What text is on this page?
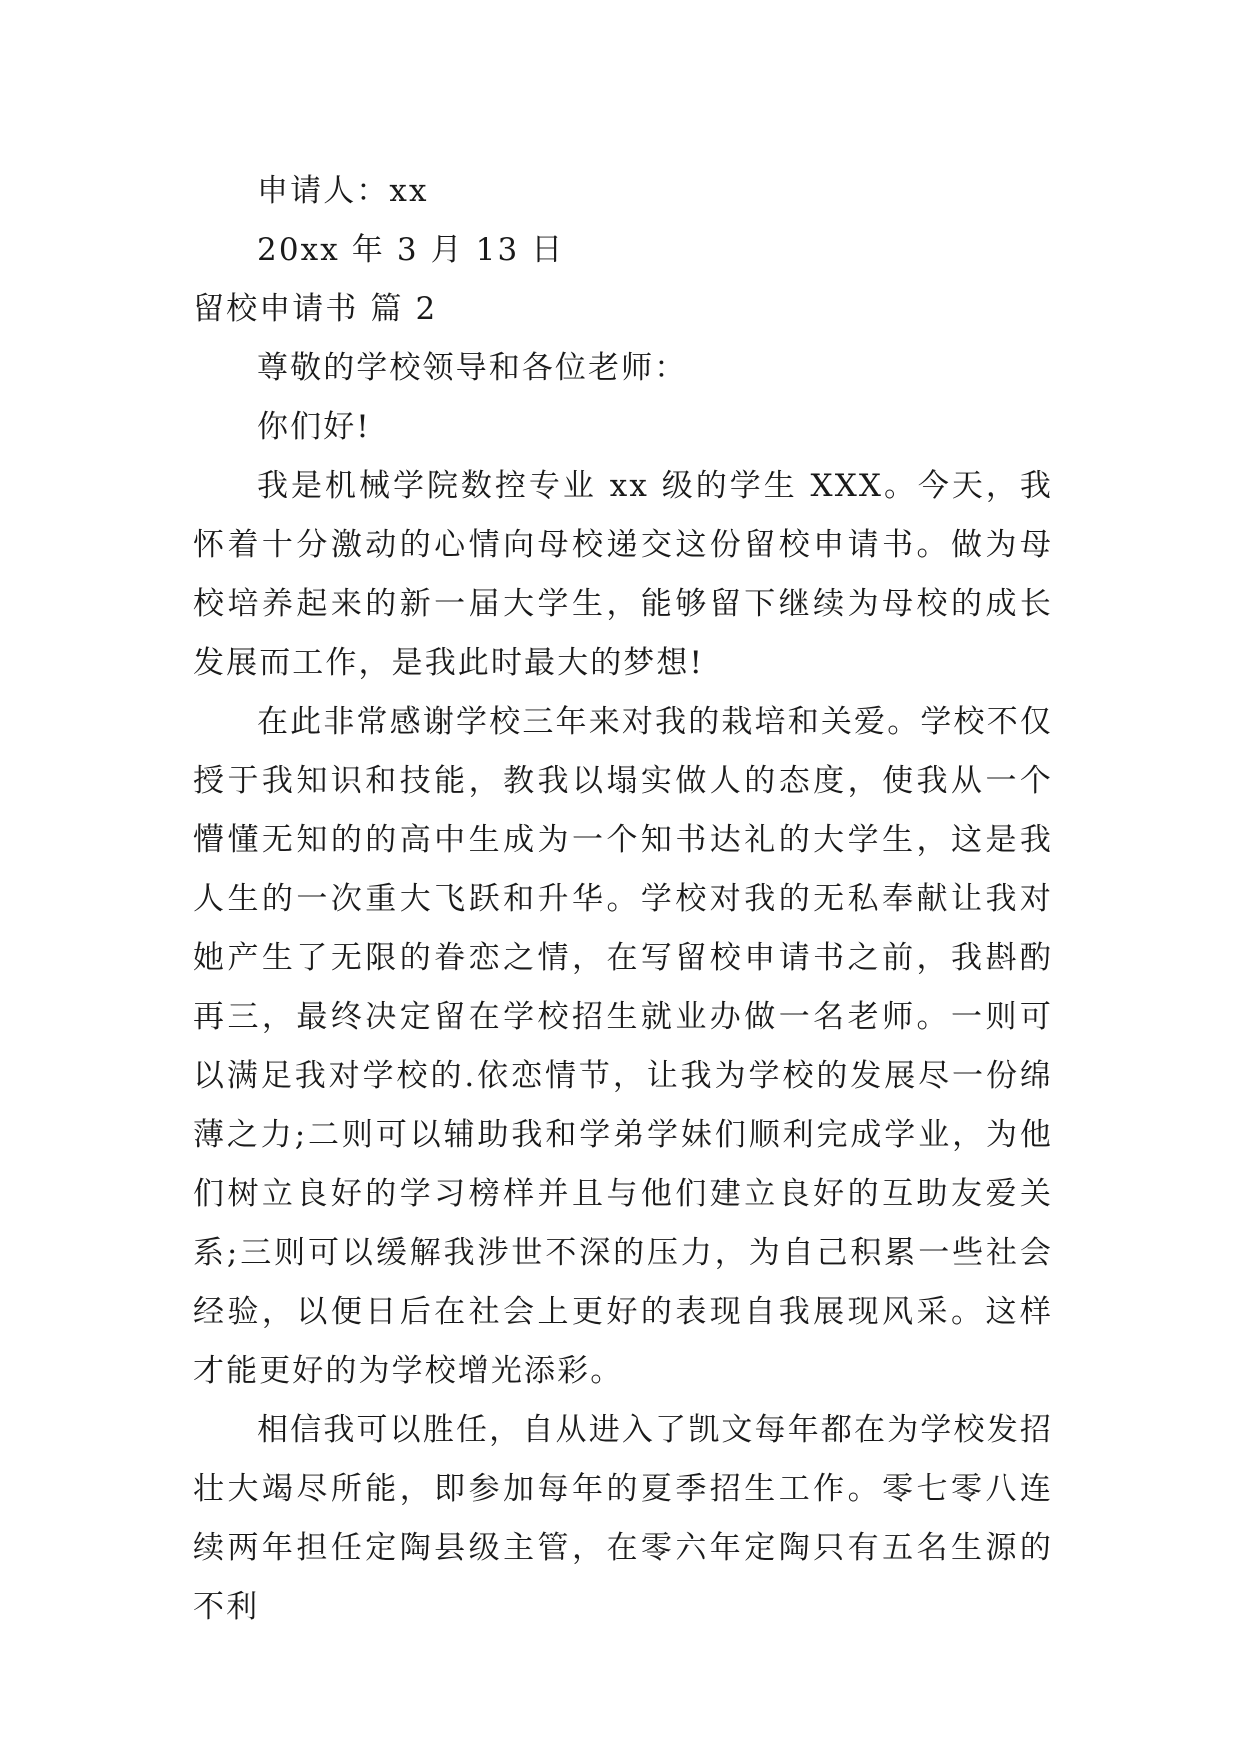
申请人：xx

20xx 年 3 月 13 日

留校申请书 篇 2

尊敬的学校领导和各位老师：

你们好!

我是机械学院数控专业 xx 级的学生 XXX。今天，我怀着十分激动的心情向母校递交这份留校申请书。做为母校培养起来的新一届大学生，能够留下继续为母校的成长发展而工作，是我此时最大的梦想!

在此非常感谢学校三年来对我的栽培和关爱。学校不仅授于我知识和技能，教我以塌实做人的态度，使我从一个懵懂无知的的高中生成为一个知书达礼的大学生，这是我人生的一次重大飞跃和升华。学校对我的无私奉献让我对她产生了无限的眷恋之情，在写留校申请书之前，我斟酌再三，最终决定留在学校招生就业办做一名老师。一则可以满足我对学校的.依恋情节，让我为学校的发展尽一份绵薄之力;二则可以辅助我和学弟学妹们顺利完成学业，为他们树立良好的学习榜样并且与他们建立良好的互助友爱关系;三则可以缓解我涉世不深的压力，为自己积累一些社会经验，以便日后在社会上更好的表现自我展现风采。这样才能更好的为学校增光添彩。

相信我可以胜任，自从进入了凯文每年都在为学校发招壮大竭尽所能，即参加每年的夏季招生工作。零七零八连续两年担任定陶县级主管，在零六年定陶只有五名生源的不利
